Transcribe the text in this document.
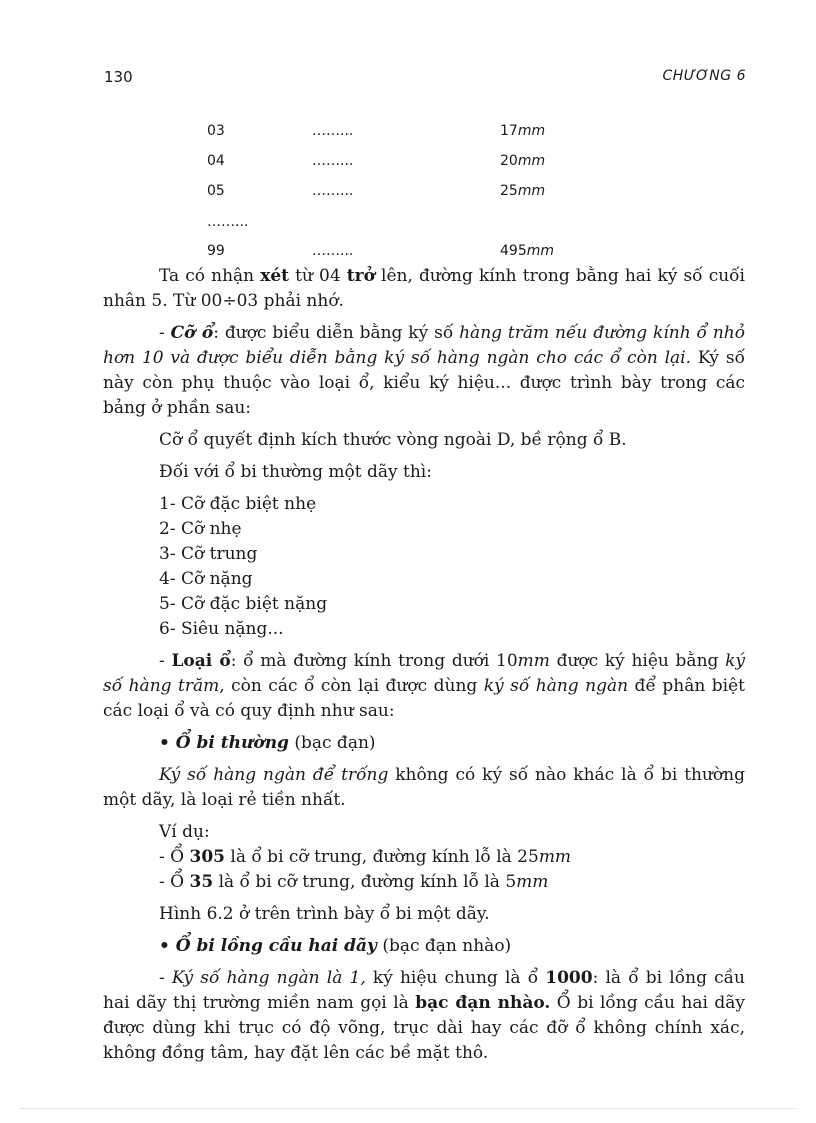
130	CHƯƠNG 6
03	……...	17mm
04	……...	20mm
05	……...	25mm
……...
99	……...	495mm

Ta có nhận xét từ 04 trở lên, đường kính trong bằng hai ký số cuối nhân 5. Từ 00÷03 phải nhớ.

- Cỡ ổ: được biểu diễn bằng ký số hàng trăm nếu đường kính ổ nhỏ hơn 10 và được biểu diễn bằng ký số hàng ngàn cho các ổ còn lại. Ký số này còn phụ thuộc vào loại ổ, kiểu ký hiệu... được trình bày trong các bảng ở phần sau:

Cỡ ổ quyết định kích thước vòng ngoài D, bề rộng ổ B.

Đối với ổ bi thường một dãy thì:

1- Cỡ đặc biệt nhẹ

2- Cỡ nhẹ

3- Cỡ trung

4- Cỡ nặng

5- Cỡ đặc biệt nặng

6- Siêu nặng...

- Loại ổ: ổ mà đường kính trong dưới 10mm được ký hiệu bằng ký số hàng trăm, còn các ổ còn lại được dùng ký số hàng ngàn để phân biệt các loại ổ và có quy định như sau:

• Ổ bi thường (bạc đạn)

Ký số hàng ngàn để trống không có ký số nào khác là ổ bi thường một dãy, là loại rẻ tiền nhất.

Ví dụ:

- Ổ 305 là ổ bi cỡ trung, đường kính lỗ là 25mm

- Ổ 35 là ổ bi cỡ trung, đường kính lỗ là 5mm

Hình 6.2 ở trên trình bày ổ bi một dãy.

• Ổ bi lồng cầu hai dãy (bạc đạn nhào)

- Ký số hàng ngàn là 1, ký hiệu chung là ổ 1000: là ổ bi lồng cầu hai dãy thị trường miền nam gọi là bạc đạn nhào. Ổ bi lồng cầu hai dãy được dùng khi trục có độ võng, trục dài hay các đỡ ổ không chính xác, không đồng tâm, hay đặt lên các bề mặt thô.
